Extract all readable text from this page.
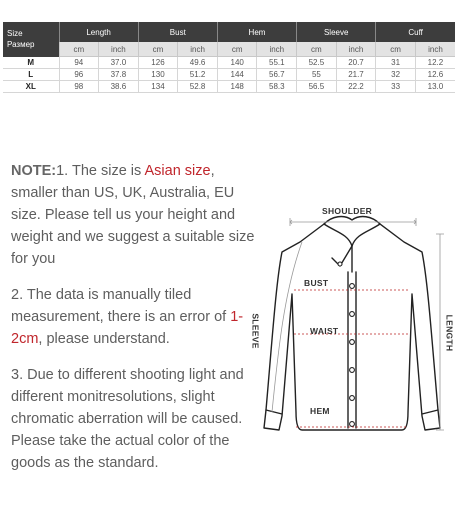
Size
Размер	Length		Bust		Hem		Sleeve		Cuff	
	cm	inch	cm	inch	cm	inch	cm	inch	cm	inch
M	94	37.0	126	49.6	140	55.1	52.5	20.7	31	12.2
L	96	37.8	130	51.2	144	56.7	55	21.7	32	12.6
XL	98	38.6	134	52.8	148	58.3	56.5	22.2	33	13.0

NOTE:1. The size is Asian size, smaller than US, UK, Australia, EU size. Please tell us your height and weight and we suggest a suitable size for you

2. The data is manually tiled measurement, there is an error of 1-2cm, please understand.

3. Due to different shooting light and different monitresolutions, slight chromatic aberration will be caused. Please take the actual color of the goods as the standard.

SHOULDER
BUST
WAIST
HEM
SLEEVE	LENGTH
